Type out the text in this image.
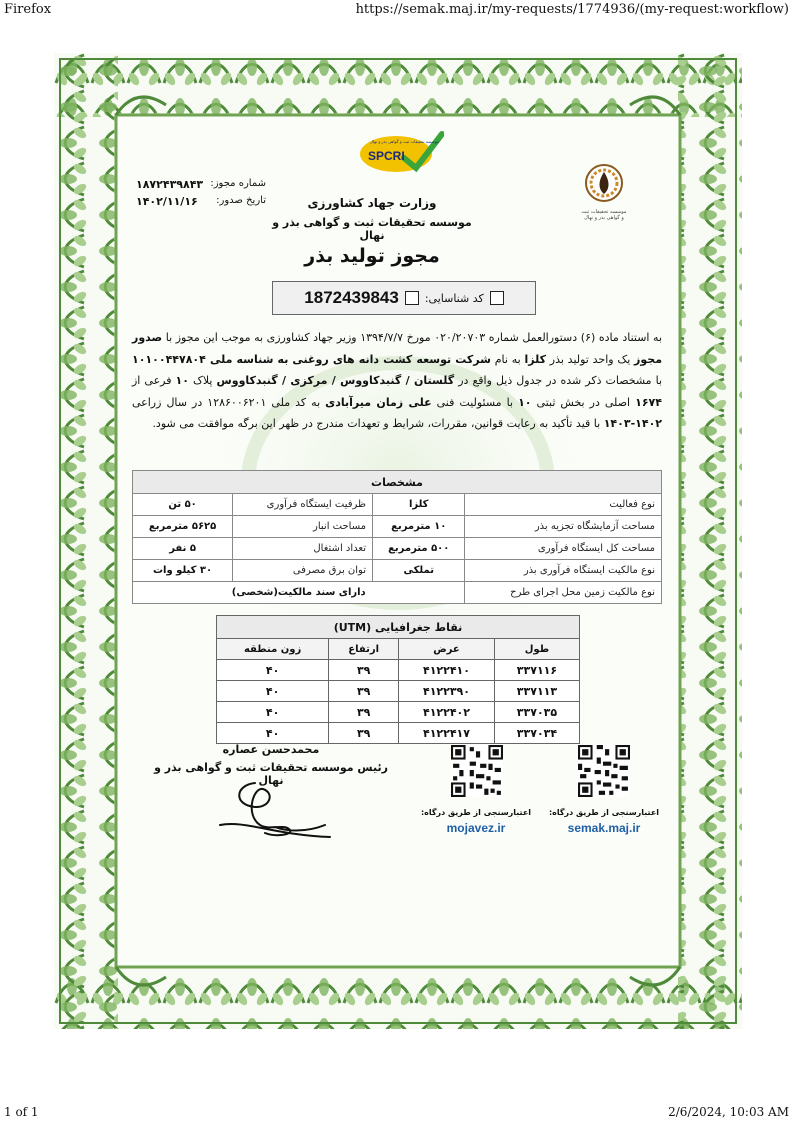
Firefox	https://semak.maj.ir/my-requests/1774936/(my-request:workflow)
موسسه تحقیقات ثبت و گواهی بذر و نهال
SPCRI
موسسه تحقیقات ثبت و گواهی بذر و نهال
وزارت جهاد کشاورزی
موسسه تحقیقات ثبت و گواهی بذر و نهال
مجوز تولید بذر
شماره مجوز:
۱۸۷۲۴۳۹۸۴۳
تاریخ صدور:
۱۴۰۲/۱۱/۱۶
کد شناسایی:
1872439843
به استناد ماده (۶) دستورالعمل شماره ۰۲۰/۲۰۷۰۳ مورخ ۱۳۹۴/۷/۷ وزیر جهاد کشاورزی به موجب این مجوز با صدور مجوز یک واحد تولید بذر کلزا به نام شرکت توسعه کشت دانه های روغنی به شناسه ملی ۱۰۱۰۰۴۴۷۸۰۴ با مشخصات ذکر شده در جدول ذیل واقع در گلستان / گنبدکاووس / مرکزی / گنبدکاووس پلاک ۱۰ فرعی از ۱۶۷۴ اصلی در بخش ثبتی ۱۰ با مسئولیت فنی علی زمان میرآبادی به کد ملی ۱۲۸۶۰۰۶۲۰۱ در سال زراعی ۱۴۰۲-۱۴۰۳ با قید تأکید به رعایت قوانین، مقررات، شرایط و تعهدات مندرج در ظهر این برگه موافقت می شود.
مشخصات			
نوع فعالیت	کلزا	ظرفیت ایستگاه فرآوری	۵۰ تن
مساحت آزمایشگاه تجزیه بذر	۱۰ مترمربع	مساحت انبار	۵۶۲۵ مترمربع
مساحت کل ایستگاه فرآوری	۵۰۰ مترمربع	تعداد اشتغال	۵ نفر
نوع مالکیت ایستگاه فرآوری بذر	تملکی	توان برق مصرفی	۳۰ کیلو وات
نوع مالکیت زمین محل اجرای طرح	دارای سند مالکیت(شخصی)		
نقاط جغرافیایی (UTM)			
طول	عرض	ارتفاع	زون منطقه
۳۳۷۱۱۶	۴۱۲۲۴۱۰	۳۹	۴۰
۳۳۷۱۱۳	۴۱۲۲۳۹۰	۳۹	۴۰
۳۳۷۰۳۵	۴۱۲۲۴۰۲	۳۹	۴۰
۳۳۷۰۳۴	۴۱۲۲۴۱۷	۳۹	۴۰
محمدحسن عصاره
رئیس موسسه تحقیقات ثبت و گواهی بذر و نهال
اعتبارسنجی از طریق درگاه:
mojavez.ir
اعتبارسنجی از طریق درگاه:
semak.maj.ir
1 of 1	2/6/2024, 10:03 AM
